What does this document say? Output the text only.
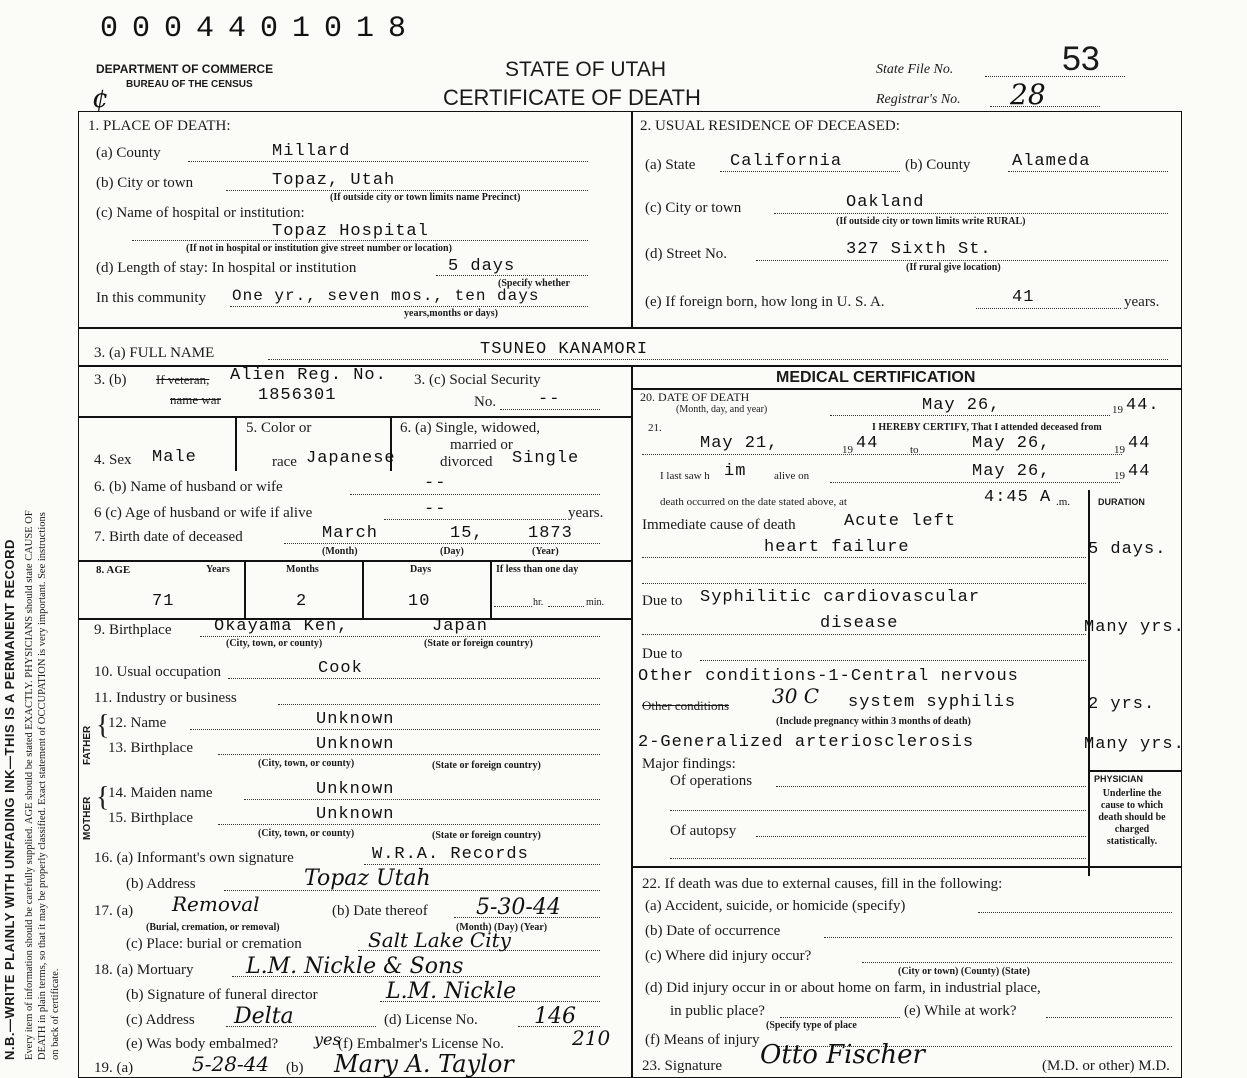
0004401018
DEPARTMENT OF COMMERCE
BUREAU OF THE CENSUS
¢
STATE OF UTAH
CERTIFICATE OF DEATH
State File No.	53
Registrar's No. 28
N.B.—WRITE PLAINLY WITH UNFADING INK—THIS IS A PERMANENT RECORD Every item of information should be carefully supplied. AGE should be stated EXACTLY. PHYSICIANS should state CAUSE OF DEATH in plain terms, so that it may be properly classified. Exact statement of OCCUPATION is very important. See instructions on back of certificate.
1. PLACE OF DEATH:
(a) County	Millard
(b) City or town	Topaz, Utah
(If outside city or town limits name Precinct)
(c) Name of hospital or institution:
Topaz Hospital
(If not in hospital or institution give street number or location)
(d) Length of stay: In hospital or institution	5 days
(Specify whether
In this community One yr., seven mos., ten days
years,months or days)
2. USUAL RESIDENCE OF DECEASED:
(a) State California	(b) County Alameda
(c) City or town	Oakland
(If outside city or town limits write RURAL)
(d) Street No.	327 Sixth St.
(If rural give location)
(e) If foreign born, how long in U. S. A.	41	years.
3. (a) FULL NAME	TSUNEO KANAMORI
3. (b) If veteran, Alien Reg. No.
name war 1856301
3. (c) Social Security
No. --
MEDICAL CERTIFICATION
4. Sex Male
5. Color or
race Japanese
6. (a) Single, widowed,
married or
divorced Single
6. (b) Name of husband or wife	--
6 (c) Age of husband or wife if alive	--	years.
7. Birth date of deceased	March	15,	1873
(Month)	(Day)	(Year)
8. AGE	Years	Months	Days	If less than one day
71	2	10	hr.	min.
9. Birthplace	Okayama Ken,	Japan
(City, town, or county)	(State or foreign country)
10. Usual occupation	Cook
11. Industry or business
FATHER
{
12. Name	Unknown
13. Birthplace	Unknown
(City, town, or county)	(State or foreign country)
MOTHER {
14. Maiden name	Unknown
15. Birthplace	Unknown
(City, town, or county)	(State or foreign country)
16. (a) Informant's own signature	W.R.A. Records
(b) Address	Topaz Utah
17. (a) Removal
(Burial, cremation, or removal)
(b) Date thereof 5-30-44
(Month) (Day) (Year)
(c) Place: burial or cremation	Salt Lake City
18. (a) Mortuary L.M. Nickle & Sons
(b) Signature of funeral director	L.M. Nickle
(c) Address Delta	(d) License No.	146
(e) Was body embalmed? yes
(f) Embalmer's License No.	210
19. (a)	5-28-44 (b) Mary A. Taylor
20. DATE OF DEATH
(Month, day, and year)	May 26,	19 44.
21.	I HEREBY CERTIFY, That I attended deceased from
May 21,	19 44	to	May 26,	19 44
I last saw h im	alive on	May 26,	19 44
death occurred on the date stated above, at	4:45 A .m.	DURATION
Immediate cause of death	Acute left
heart failure	5 days.
Due to Syphilitic cardiovascular
disease	Many yrs.
Due to
Other conditions-1-Central nervous
Other conditions 30 C system syphilis	2 yrs.
(Include pregnancy within 3 months of death)
2-Generalized arteriosclerosis	Many yrs.
Major findings:
Of operations
Of autopsy
PHYSICIAN
Underline the cause to which death should be charged statistically.
22. If death was due to external causes, fill in the following:
(a) Accident, suicide, or homicide (specify)
(b) Date of occurrence
(c) Where did injury occur?
(City or town) (County) (State)
(d) Did injury occur in or about home on farm, in industrial place,
in public place?
(Specify type of place
(e) While at work?
(f) Means of injury
23. Signature Otto Fischer	(M.D. or other) M.D.
